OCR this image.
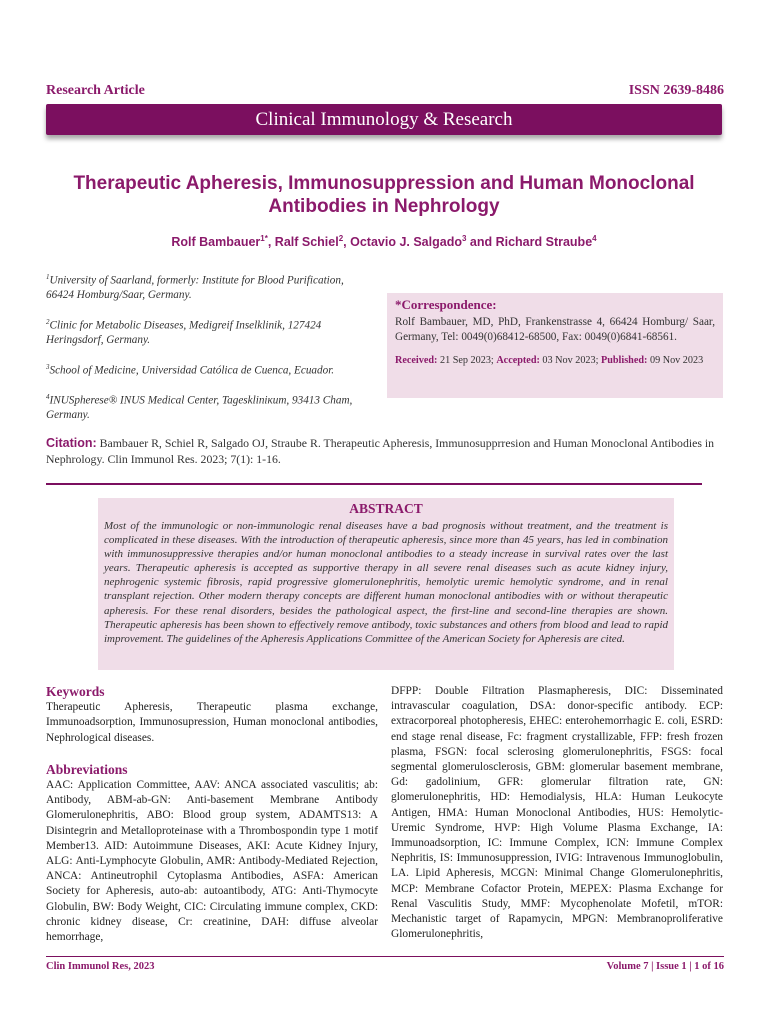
Research Article	ISSN 2639-8486
Clinical Immunology & Research
Therapeutic Apheresis, Immunosuppression and Human Monoclonal Antibodies in Nephrology
Rolf Bambauer$^{1*}$, Ralf Schiel$^2$, Octavio J. Salgado$^3$ and Richard Straube$^4$

$^1$University of Saarland, formerly: Institute for Blood Purification, 66424 Homburg/Saar, Germany.

$^2$Clinic for Metabolic Diseases, Medigreif Inselklinik, 127424 Heringsdorf, Germany.

$^3$School of Medicine, Universidad Católica de Cuenca, Ecuador.

$^4$INUSpherese® INUS Medical Center, Tageskliniкum, 93413 Cham, Germany.

*Correspondence:
Rolf Bambauer, MD, PhD, Frankenstrasse 4, 66424 Homburg/ Saar, Germany, Tel: 0049(0)68412-68500, Fax: 0049(0)6841-68561.
Received: 21 Sep 2023; Accepted: 03 Nov 2023; Published: 09 Nov 2023
Citation: Bambauer R, Schiel R, Salgado OJ, Straube R. Therapeutic Apheresis, Immunosupprresion and Human Monoclonal Antibodies in Nephrology. Clin Immunol Res. 2023; 7(1): 1-16.
ABSTRACT

Most of the immunologic or non-immunologic renal diseases have a bad prognosis without treatment, and the treatment is complicated in these diseases. With the introduction of therapeutic apheresis, since more than 45 years, has led in combination with immunosuppressive therapies and/or human monoclonal antibodies to a steady increase in survival rates over the last years. Therapeutic apheresis is accepted as supportive therapy in all severe renal diseases such as acute kidney injury, nephrogenic systemic fibrosis, rapid progressive glomerulonephritis, hemolytic uremic hemolytic syndrome, and in renal transplant rejection. Other modern therapy concepts are different human monoclonal antibodies with or without therapeutic apheresis. For these renal disorders, besides the pathological aspect, the first-line and second-line therapies are shown. Therapeutic apheresis has been shown to effectively remove antibody, toxic substances and others from blood and lead to rapid improvement. The guidelines of the Apheresis Applications Committee of the American Society for Apheresis are cited.

Keywords

Therapeutic Apheresis, Therapeutic plasma exchange, Immunoadsorption, Immunosupression, Human monoclonal antibodies, Nephrological diseases.

Abbreviations

AAC: Application Committee, AAV: ANCA associated vasculitis; ab: Antibody, ABM-ab-GN: Anti-basement Membrane Antibody Glomerulonephritis, ABO: Blood group system, ADAMTS13: A Disintegrin and Metalloproteinase with a Thrombospondin type 1 motif Member13. AID: Autoimmune Diseases, AKI: Acute Kidney Injury, ALG: Anti-Lymphocyte Globulin, AMR: Antibody-Mediated Rejection, ANCA: Antineutrophil Cytoplasma Antibodies, ASFA: American Society for Apheresis, auto-ab: autoantibody, ATG: Anti-Thymocyte Globulin, BW: Body Weight, CIC: Circulating immune complex, CKD: chronic kidney disease, Cr: creatinine, DAH: diffuse alveolar hemorrhage,

DFPP: Double Filtration Plasmapheresis, DIC: Disseminated intravascular coagulation, DSA: donor-specific antibody. ECP: extracorporeal photopheresis, EHEC: enterohemorrhagic E. coli, ESRD: end stage renal disease, Fc: fragment crystallizable, FFP: fresh frozen plasma, FSGN: focal sclerosing glomerulonephritis, FSGS: focal segmental glomerulosclerosis, GBM: glomerular basement membrane, Gd: gadolinium, GFR: glomerular filtration rate, GN: glomerulonephritis, HD: Hemodialysis, HLA: Human Leukocyte Antigen, HMA: Human Monoclonal Antibodies, HUS: Hemolytic-Uremic Syndrome, HVP: High Volume Plasma Exchange, IA: Immunoadsorption, IC: Immune Complex, ICN: Immune Complex Nephritis, IS: Immunosuppression, IVIG: Intravenous Immunoglobulin, LA. Lipid Apheresis, MCGN: Minimal Change Glomerulonephritis, MCP: Membrane Cofactor Protein, MEPEX: Plasma Exchange for Renal Vasculitis Study, MMF: Mycophenolate Mofetil, mTOR: Mechanistic target of Rapamycin, MPGN: Membranoproliferative Glomerulonephritis,

Clin Immunol Res, 2023	Volume 7 | Issue 1 | 1 of 16
